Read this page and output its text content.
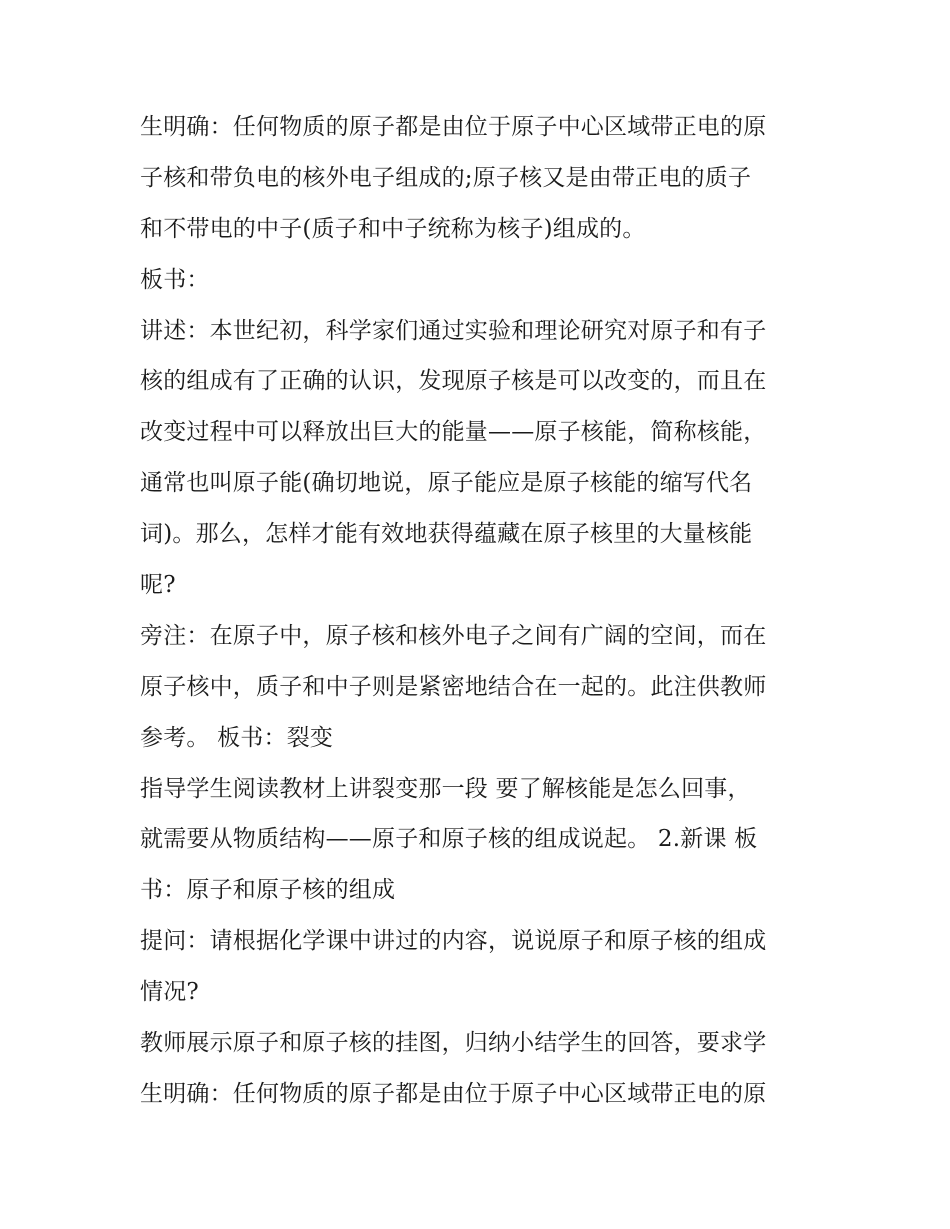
生明确：任何物质的原子都是由位于原子中心区域带正电的原
子核和带负电的核外电子组成的;原子核又是由带正电的质子
和不带电的中子(质子和中子统称为核子)组成的。
板书：
讲述：本世纪初，科学家们通过实验和理论研究对原子和有子
核的组成有了正确的认识，发现原子核是可以改变的，而且在
改变过程中可以释放出巨大的能量——原子核能，简称核能，
通常也叫原子能(确切地说，原子能应是原子核能的缩写代名
词)。那么，怎样才能有效地获得蕴藏在原子核里的大量核能
呢?
旁注：在原子中，原子核和核外电子之间有广阔的空间，而在
原子核中，质子和中子则是紧密地结合在一起的。此注供教师
参考。 板书：裂变
指导学生阅读教材上讲裂变那一段 要了解核能是怎么回事，
就需要从物质结构——原子和原子核的组成说起。 2.新课 板
书：原子和原子核的组成
提问：请根据化学课中讲过的内容，说说原子和原子核的组成
情况?
教师展示原子和原子核的挂图，归纳小结学生的回答，要求学
生明确：任何物质的原子都是由位于原子中心区域带正电的原
